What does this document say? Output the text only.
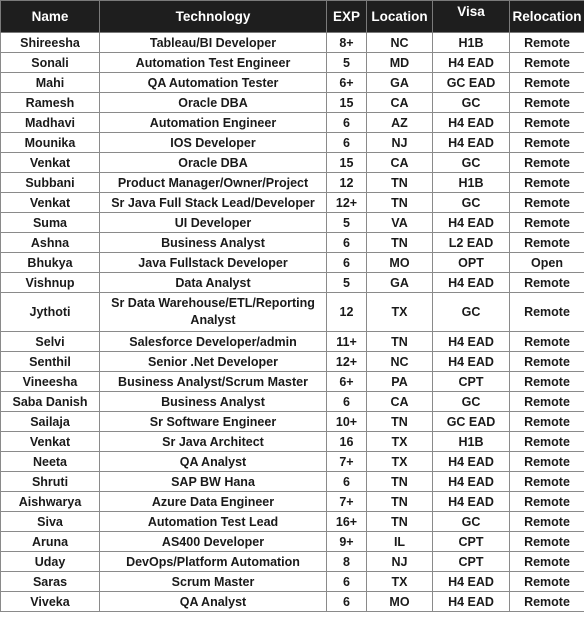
Name	Technology	EXP	Location	Visa	Relocation
Shireesha	Tableau/BI Developer	8+	NC	H1B	Remote
Sonali	Automation Test Engineer	5	MD	H4 EAD	Remote
Mahi	QA Automation Tester	6+	GA	GC EAD	Remote
Ramesh	Oracle DBA	15	CA	GC	Remote
Madhavi	Automation Engineer	6	AZ	H4 EAD	Remote
Mounika	IOS Developer	6	NJ	H4 EAD	Remote
Venkat	Oracle DBA	15	CA	GC	Remote
Subbani	Product Manager/Owner/Project	12	TN	H1B	Remote
Venkat	Sr Java Full Stack Lead/Developer	12+	TN	GC	Remote
Suma	UI Developer	5	VA	H4 EAD	Remote
Ashna	Business Analyst	6	TN	L2 EAD	Remote
Bhukya	Java Fullstack Developer	6	MO	OPT	Open
Vishnup	Data Analyst	5	GA	H4 EAD	Remote
Jythoti	Sr Data Warehouse/ETL/Reporting Analyst	12	TX	GC	Remote
Selvi	Salesforce Developer/admin	11+	TN	H4 EAD	Remote
Senthil	Senior .Net Developer	12+	NC	H4 EAD	Remote
Vineesha	Business Analyst/Scrum Master	6+	PA	CPT	Remote
Saba Danish	Business Analyst	6	CA	GC	Remote
Sailaja	Sr Software Engineer	10+	TN	GC EAD	Remote
Venkat	Sr Java Architect	16	TX	H1B	Remote
Neeta	QA Analyst	7+	TX	H4 EAD	Remote
Shruti	SAP BW Hana	6	TN	H4 EAD	Remote
Aishwarya	Azure Data Engineer	7+	TN	H4 EAD	Remote
Siva	Automation Test Lead	16+	TN	GC	Remote
Aruna	AS400 Developer	9+	IL	CPT	Remote
Uday	DevOps/Platform Automation	8	NJ	CPT	Remote
Saras	Scrum Master	6	TX	H4 EAD	Remote
Viveka	QA Analyst	6	MO	H4 EAD	Remote
